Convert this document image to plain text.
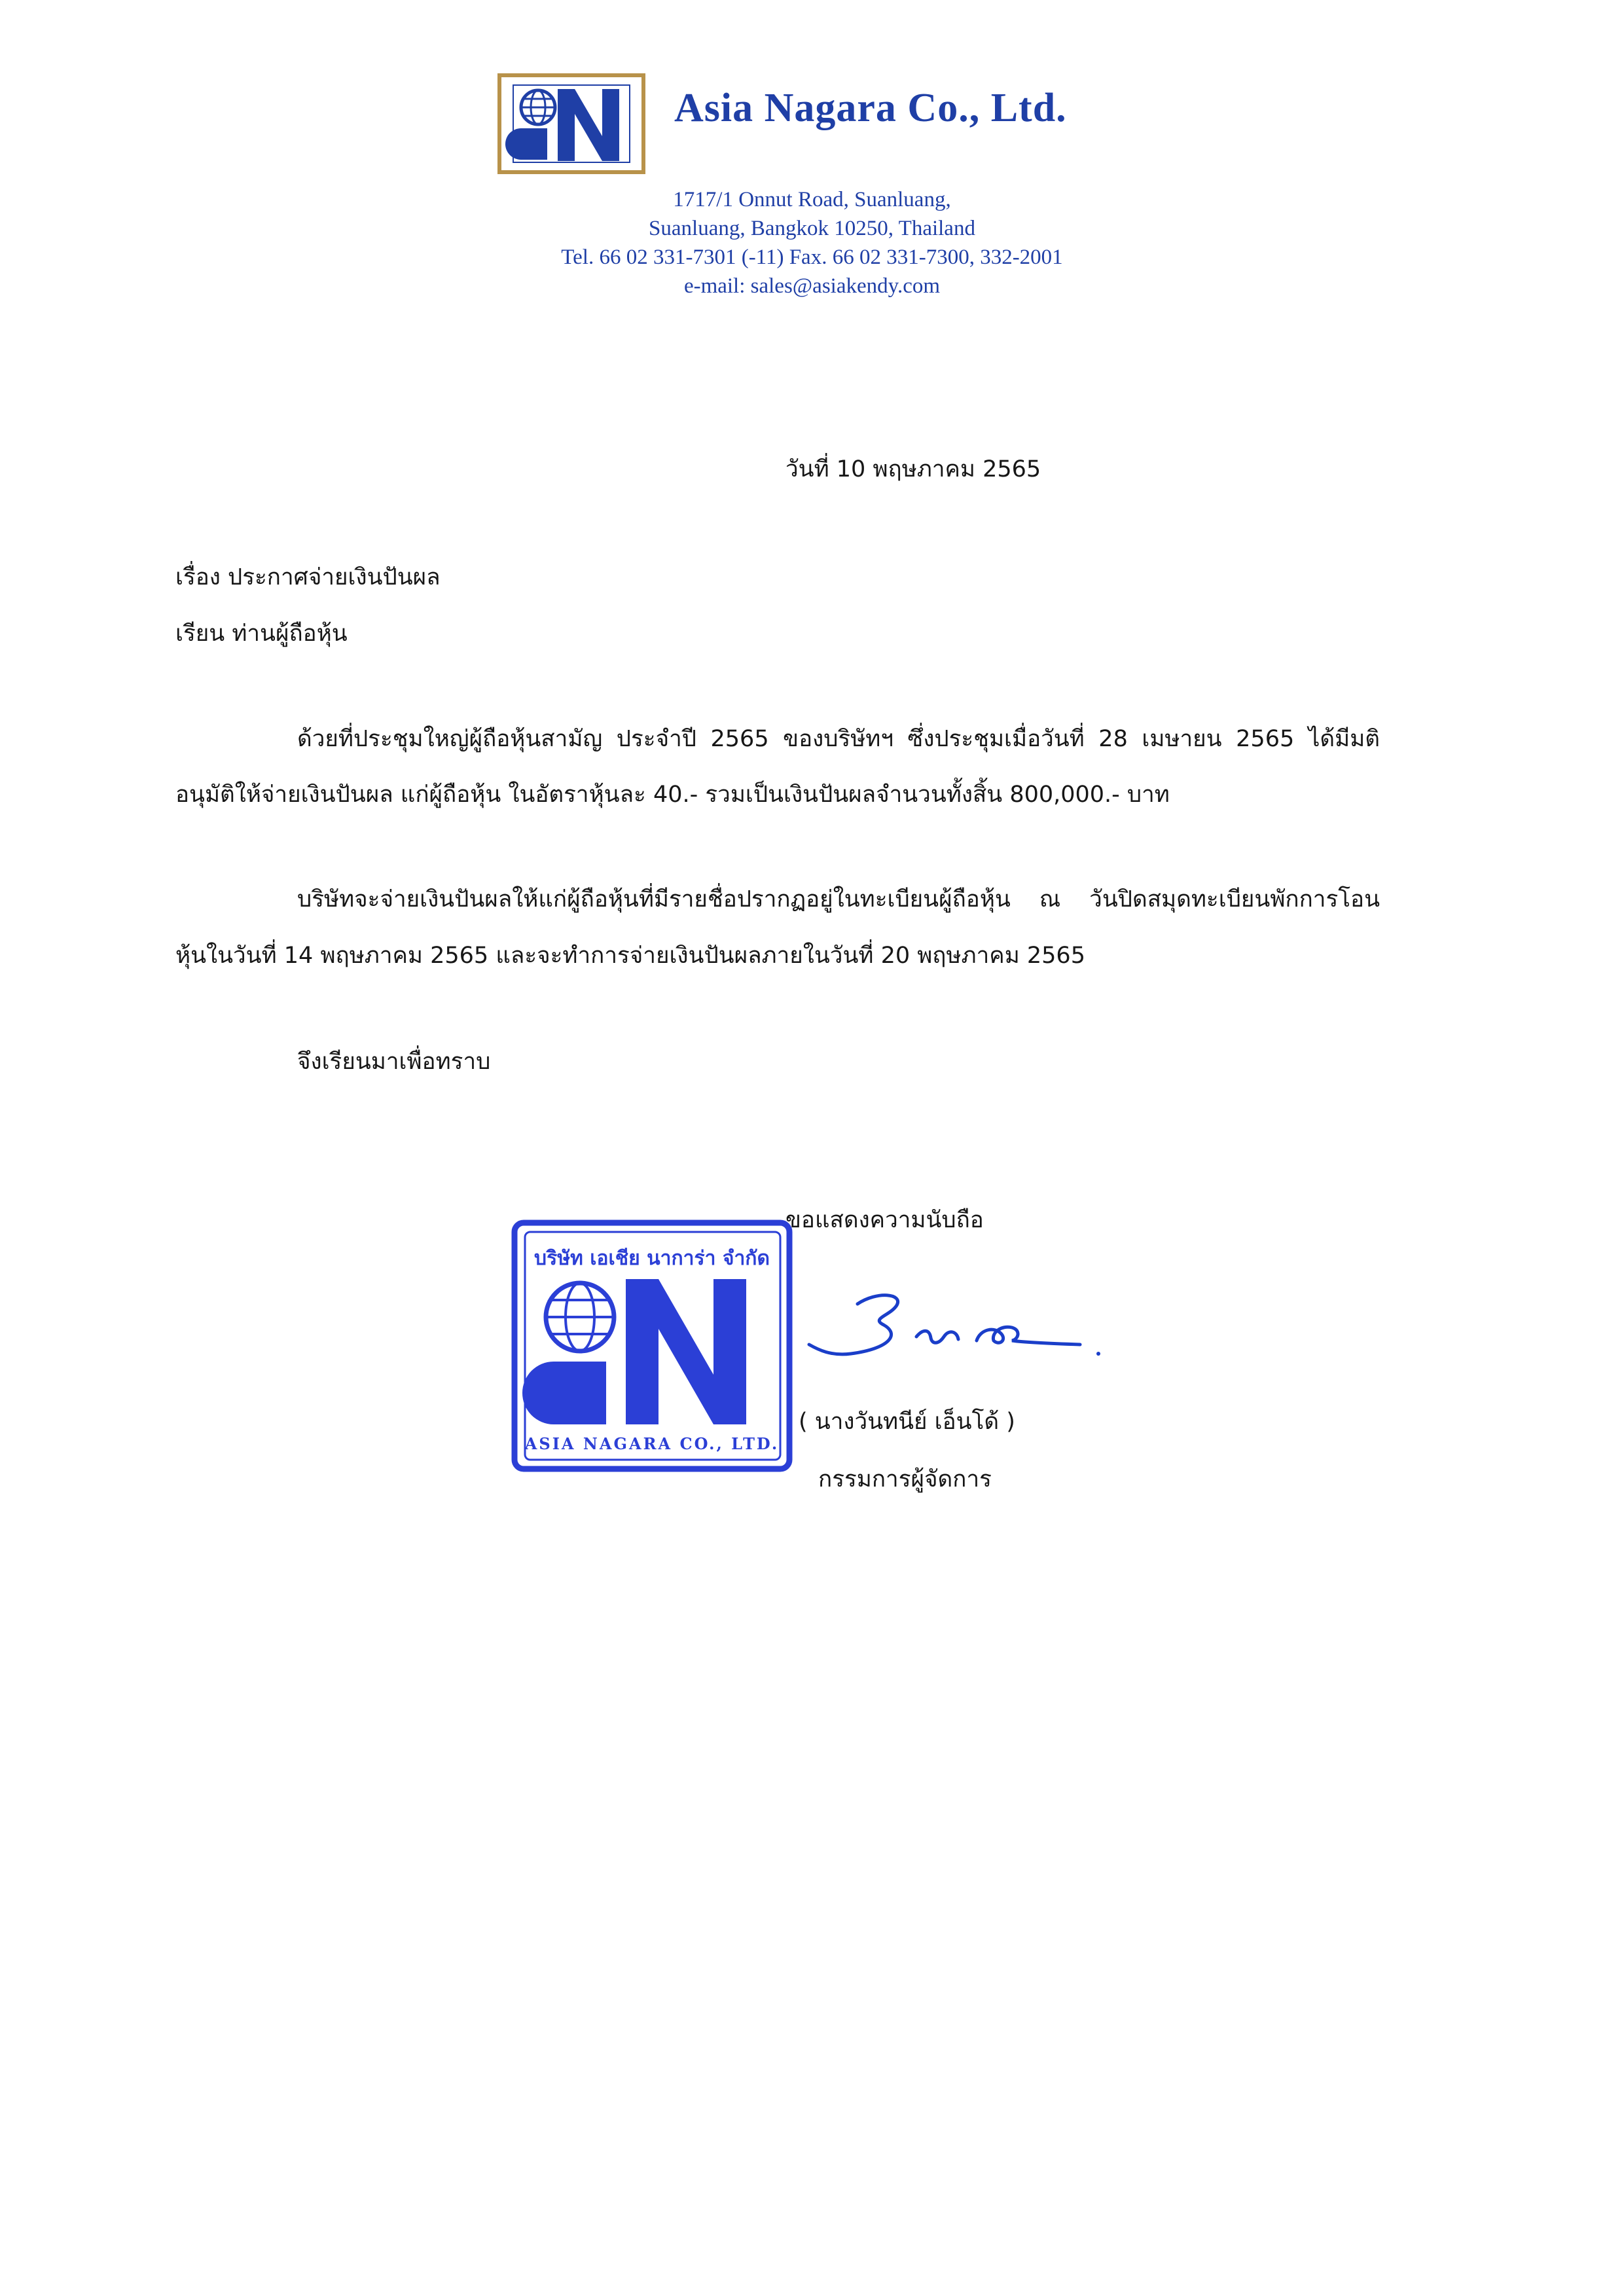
Asia Nagara Co., Ltd.
1717/1 Onnut Road, Suanluang,
Suanluang, Bangkok 10250, Thailand
Tel. 66 02 331-7301 (-11) Fax. 66 02 331-7300, 332-2001
e-mail: sales@asiakendy.com
วันที่ 10 พฤษภาคม 2565
เรื่อง ประกาศจ่ายเงินปันผล
เรียน ท่านผู้ถือหุ้น
ด้วยที่ประชุมใหญ่ผู้ถือหุ้นสามัญ ประจำปี 2565 ของบริษัทฯ ซึ่งประชุมเมื่อวันที่ 28 เมษายน 2565 ได้มีมติ
อนุมัติให้จ่ายเงินปันผล แก่ผู้ถือหุ้น ในอัตราหุ้นละ 40.- รวมเป็นเงินปันผลจำนวนทั้งสิ้น 800,000.- บาท
บริษัทจะจ่ายเงินปันผลให้แก่ผู้ถือหุ้นที่มีรายชื่อปรากฏอยู่ในทะเบียนผู้ถือหุ้น ณ วันปิดสมุดทะเบียนพักการโอน
หุ้นในวันที่ 14 พฤษภาคม 2565 และจะทำการจ่ายเงินปันผลภายในวันที่ 20 พฤษภาคม 2565
จึงเรียนมาเพื่อทราบ
ขอแสดงความนับถือ
บริษัท เอเชีย นาการ่า จำกัด
ASIA NAGARA CO., LTD.
( นางวันทนีย์ เอ็นโด้ )
กรรมการผู้จัดการ
